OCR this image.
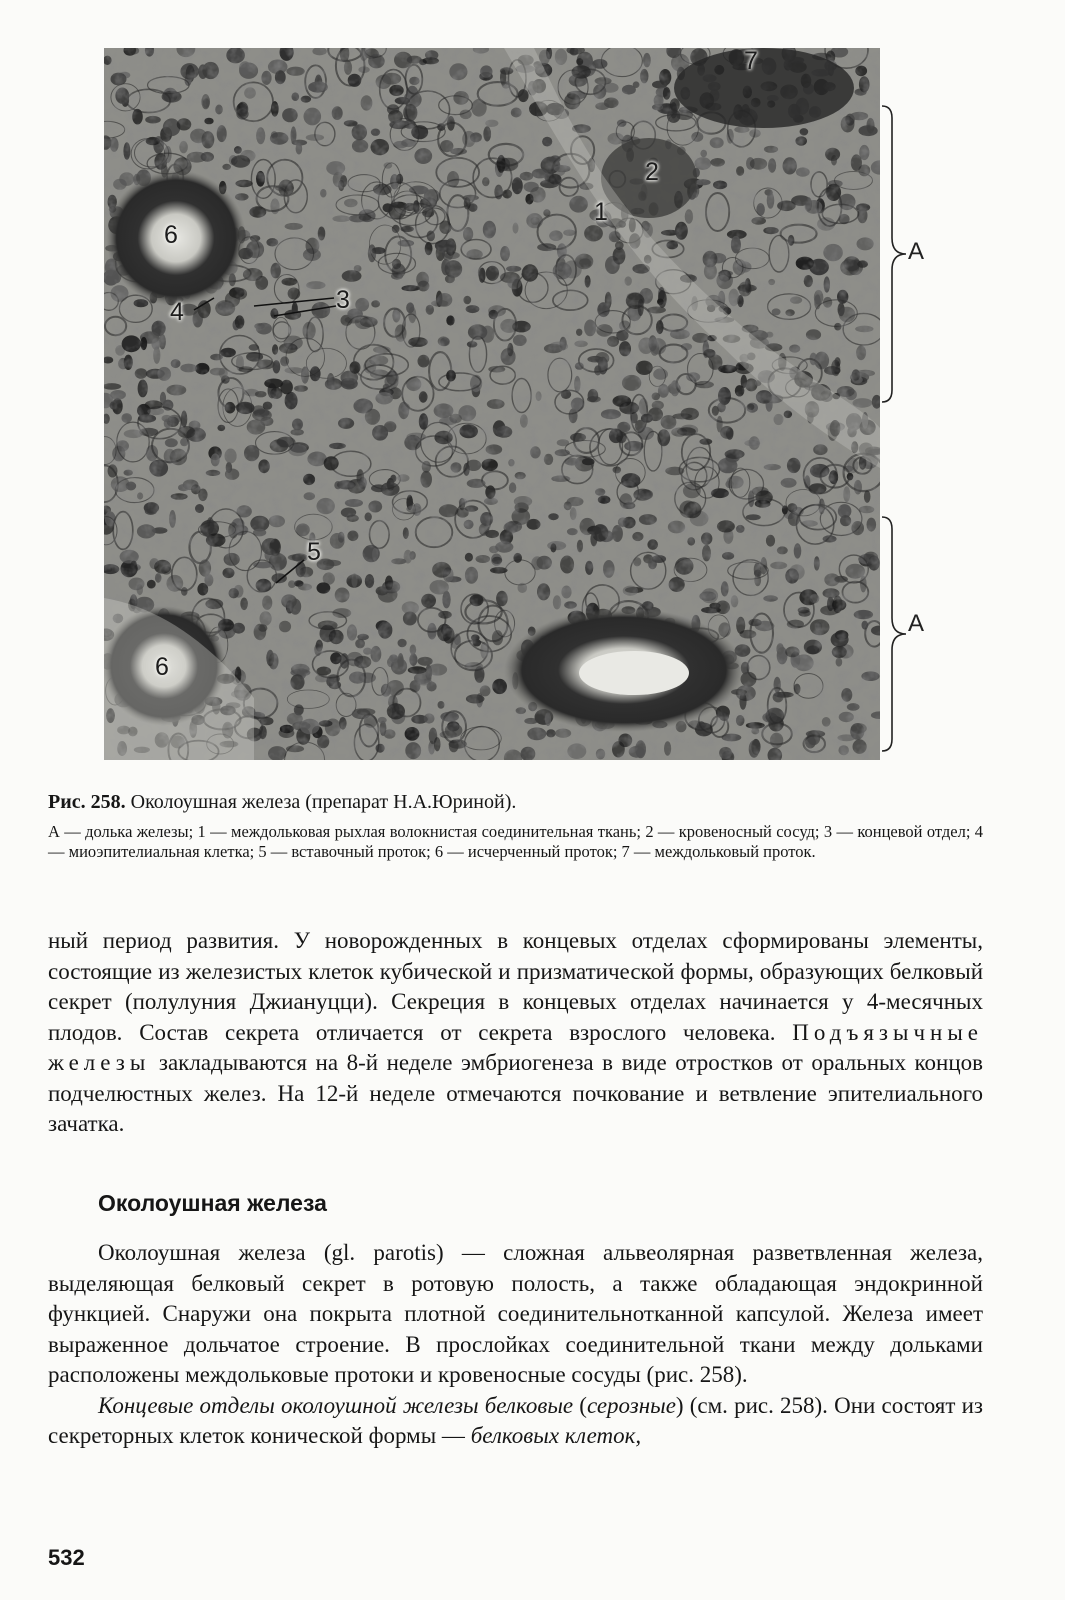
7
2
1
6
4	3
5
6
A
A

Рис. 258. Околоушная железа (препарат Н.А.Юриной).

А — долька железы; 1 — междольковая рыхлая волокнистая соединительная ткань; 2 — кровеносный сосуд; 3 — концевой отдел; 4 — миоэпителиальная клетка; 5 — вставочный проток; 6 — исчерченный проток; 7 — междольковый проток.

ный период развития. У новорожденных в концевых отделах сформированы элементы, состоящие из железистых клеток кубической и призматической формы, образующих белковый секрет (полулуния Джиануцци). Секреция в концевых отделах начинается у 4-месячных плодов. Состав секрета отличается от секрета взрослого человека. Подъязычные железы закладываются на 8-й неделе эмбриогенеза в виде отростков от оральных концов подчелюстных желез. На 12-й неделе отмечаются почкование и ветвление эпителиального зачатка.

Околоушная железа

Околоушная железа (gl. parotis) — сложная альвеолярная разветвленная железа, выделяющая белковый секрет в ротовую полость, а также обладающая эндокринной функцией. Снаружи она покрыта плотной соединительнотканной капсулой. Железа имеет выраженное дольчатое строение. В прослойках соединительной ткани между дольками расположены междольковые протоки и кровеносные сосуды (рис. 258).

Концевые отделы околоушной железы белковые (серозные) (см. рис. 258). Они состоят из секреторных клеток конической формы — белковых клеток,

532
